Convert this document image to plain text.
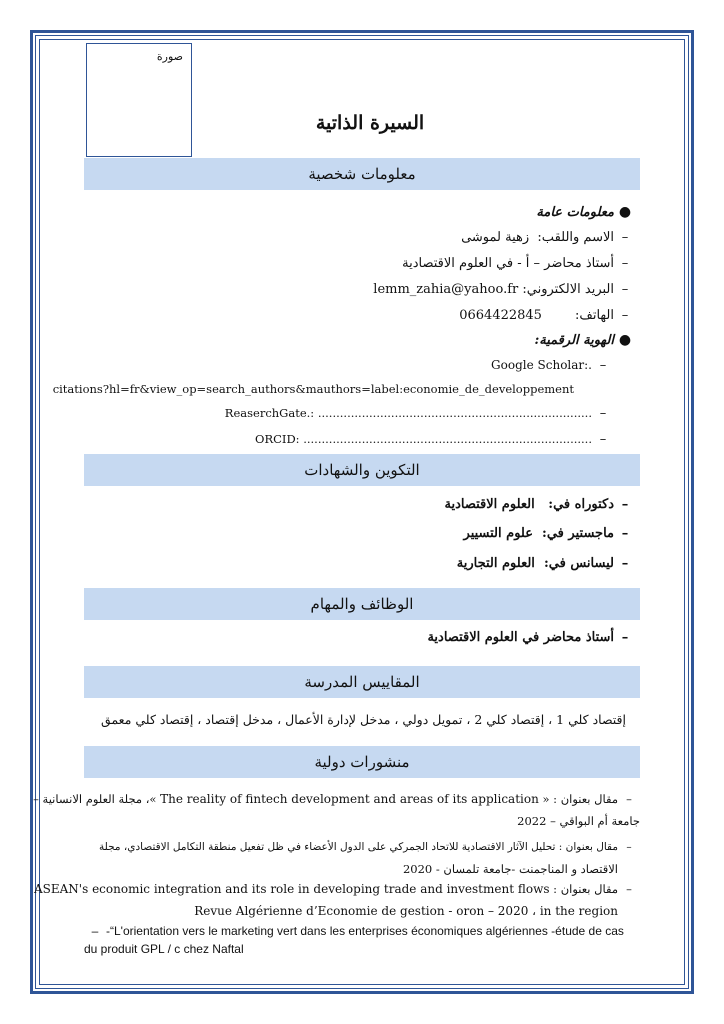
صورة
السيرة الذاتية
معلومات شخصية
●معلومات عامة
–الاسم واللقب:  زهية لموشى
–أستاذ محاضر – أ - في العلوم الاقتصادية
–البريد الالكتروني: lemm_zahia@yahoo.fr
–الهاتف:        0664422845
●الهوية الرقمية:
–Google Scholar:.
citations?hl=fr&view_op=search_authors&mauthors=label:economie_de_developpement
–ReaserchGate.: ...........................................................................
–ORCID: ...............................................................................
التكوين والشهادات
–دكتوراه في:   العلوم الاقتصادية
–ماجستير في:  علوم التسيير
–ليسانس في:  العلوم التجارية
الوظائف والمهام
–أستاذ محاضر في العلوم الاقتصادية
المقاييس المدرسة
إقتصاد كلي 1 ، إقتصاد كلي 2 ، تمويل دولي ، مدخل لإدارة الأعمال ، مدخل إقتصاد ، إقتصاد كلي معمق
منشورات دولية
–مقال بعنوان : « The reality of fintech development and areas of its application »، مجلة العلوم الانسانية –
جامعة أم البواقي – 2022
–مقال بعنوان : تحليل الآثار الاقتصادية للاتحاد الجمركي على الدول الأعضاء في ظل تفعيل منطقة التكامل الاقتصادي، مجلة
الاقتصاد و المناجمنت -جامعة تلمسان - 2020
–مقال بعنوان : ASEAN's economic integration and its role in developing trade and investment flows
Revue Algérienne d’Economie de gestion - oron – 2020 ، in the region
– -“L'orientation vers le marketing vert dans les enterprises économiques algériennes -étude de cas du produit GPL / c chez Naftal
